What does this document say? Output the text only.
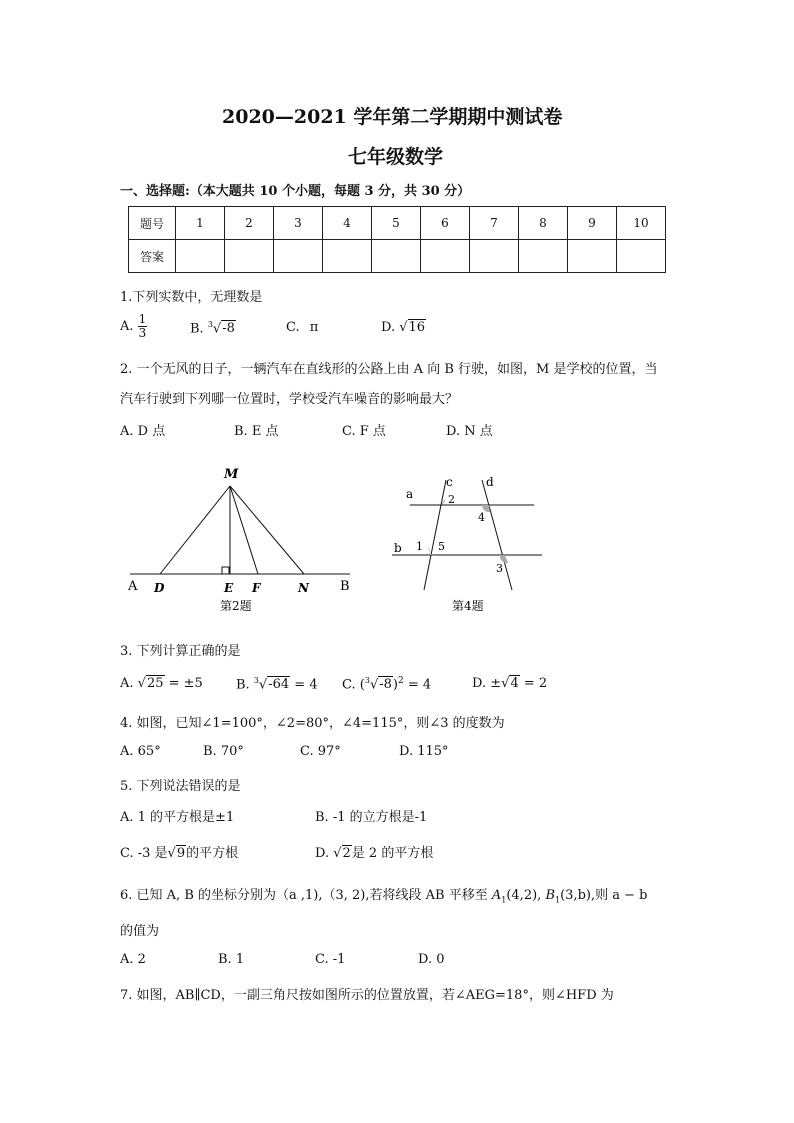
2020—2021 学年第二学期期中测试卷
七年级数学
一、选择题:（本大题共 10 个小题，每题 3 分，共 30 分）
题号	1	2	3	4	5	6	7	8	9	10
答案										
1.下列实数中，无理数是
A. $\frac{1}{3}$	B. $^3$√-8	C. π	D. √16
2. 一个无风的日子，一辆汽车在直线形的公路上由 A 向 B 行驶，如图，M 是学校的位置，当
汽车行驶到下列哪一位置时，学校受汽车噪音的影响最大？
A. D 点	B. E 点	C. F 点	D. N 点
M
A D	E F	N B
第2题
a
b
c	d
1
2
3
4
5
第4题
3. 下列计算正确的是
A. √25 = ±5	B. $^3$√-64 = 4 C. $(^3√-8)^2 = 4$	D. ±√4 = 2
4. 如图，已知∠1=100°，∠2=80°，∠4=115°，则∠3 的度数为
A. 65°	B. 70°	C. 97°	D. 115°
5. 下列说法错误的是
A. 1 的平方根是±1	B. -1 的立方根是-1
C. -3 是√9的平方根	D. √2是 2 的平方根
6. 已知 A, B 的坐标分别为（a ,1),（3, 2),若将线段 AB 平移至 $A_1(4,2)$, $B_1(3,b)$,则 a − b
的值为
A. 2	B. 1	C. -1	D. 0
7. 如图，AB∥CD，一副三角尺按如图所示的位置放置，若∠AEG=18°，则∠HFD 为
